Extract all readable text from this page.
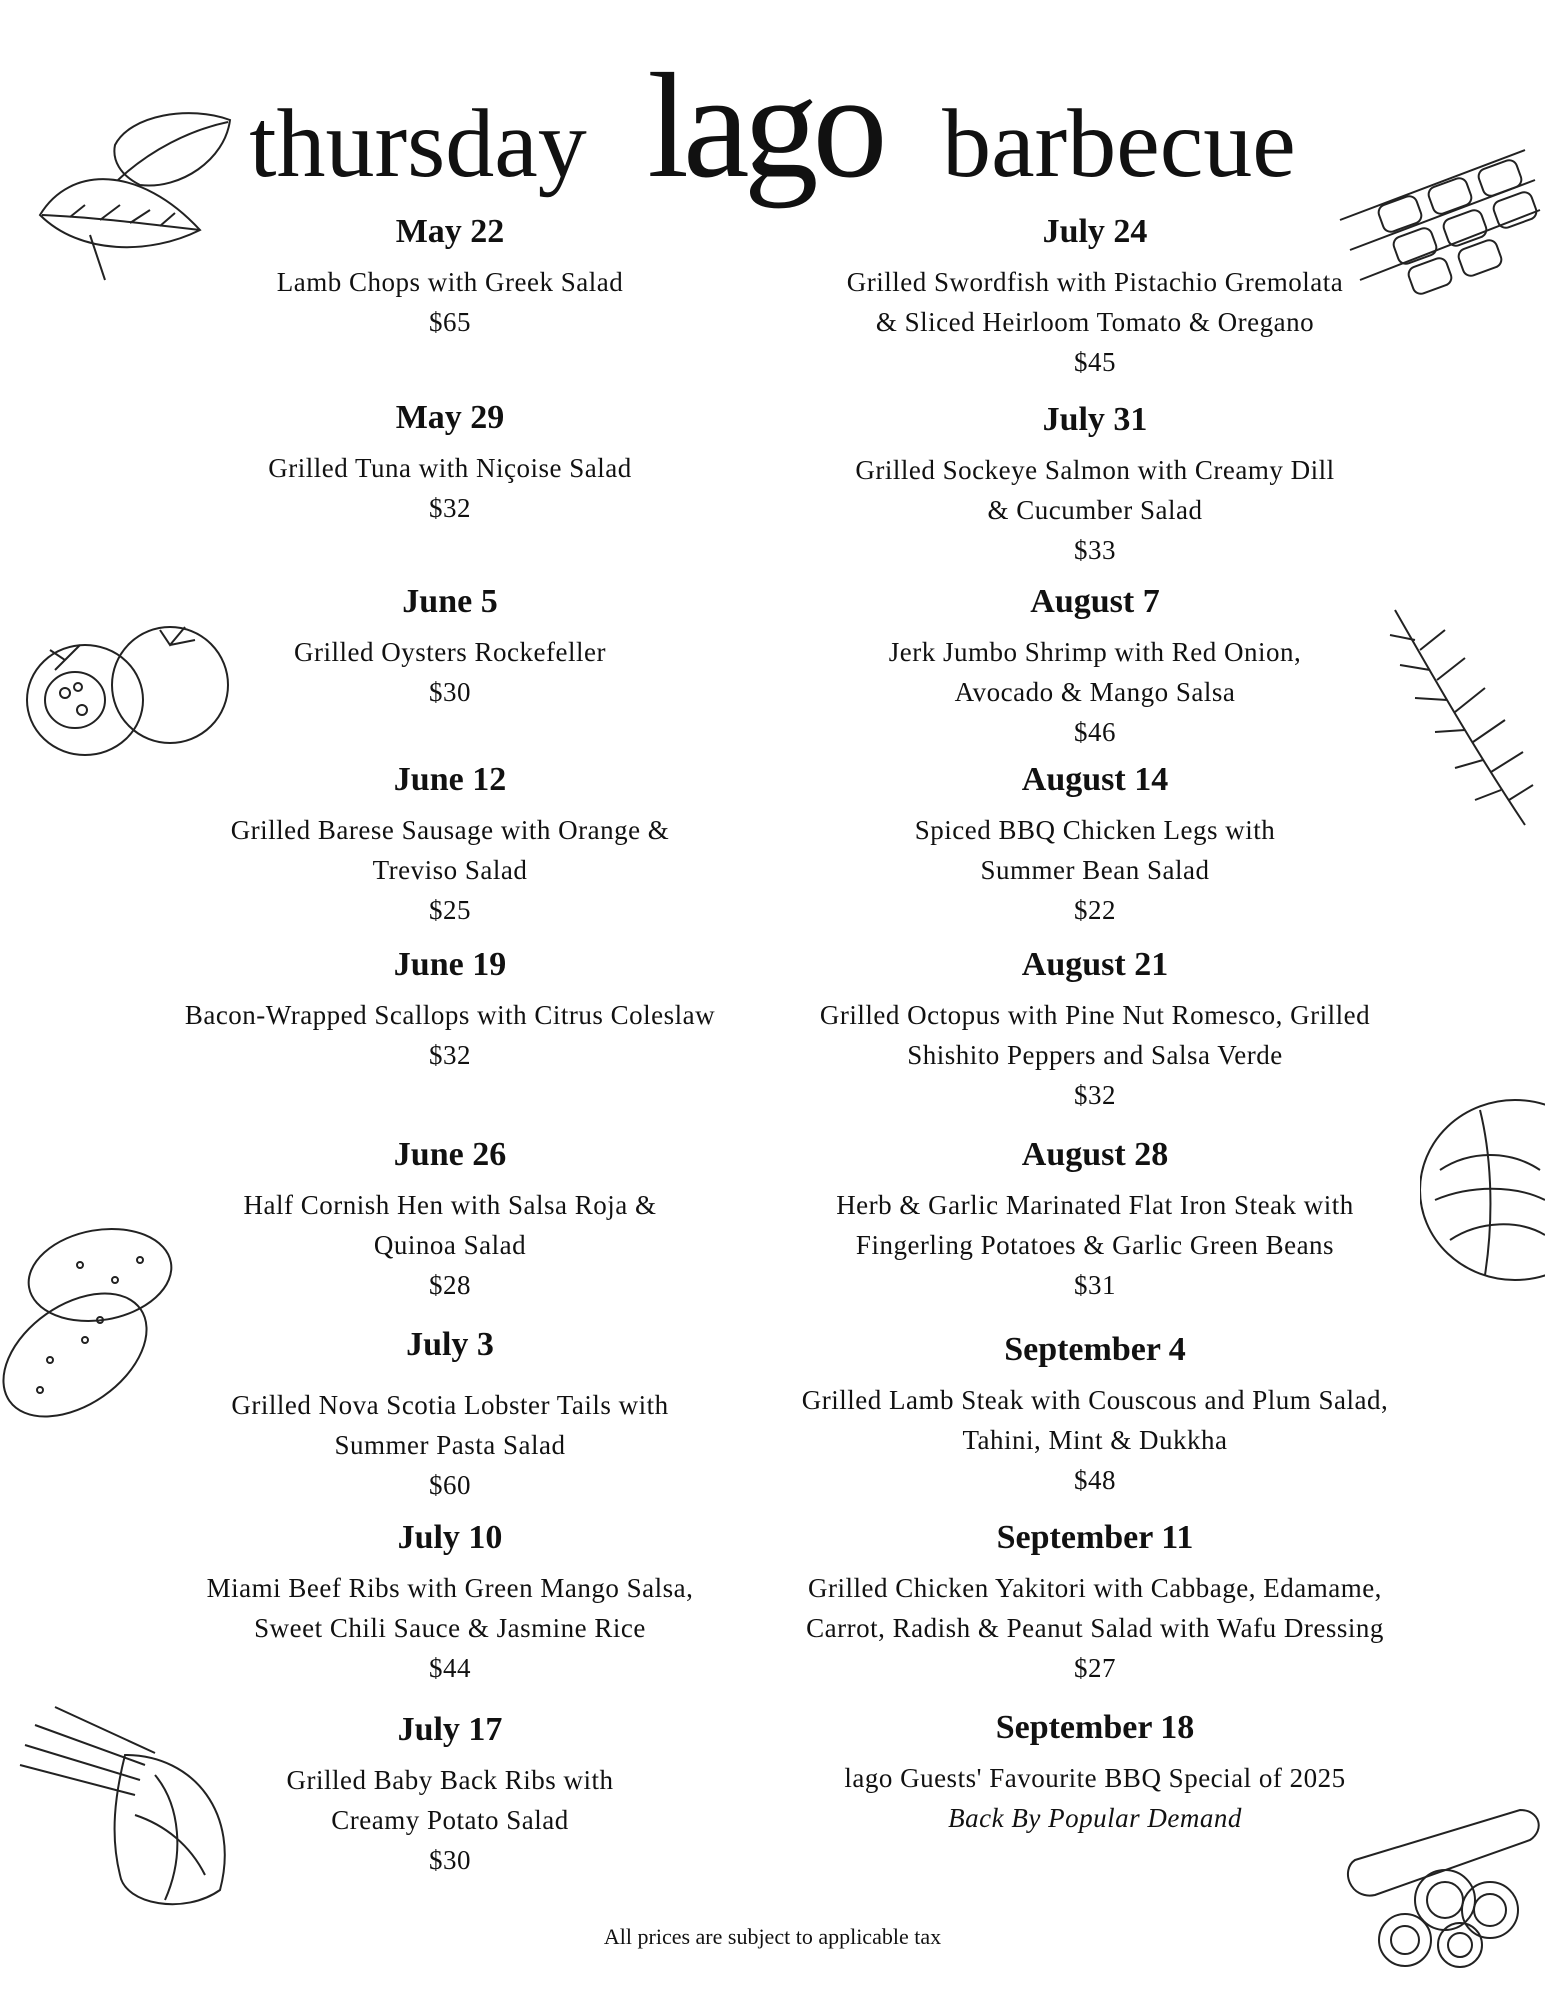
thursday lago barbecue
May 22
Lamb Chops with Greek Salad
$65
May 29
Grilled Tuna with Niçoise Salad
$32
June 5
Grilled Oysters Rockefeller
$30
June 12
Grilled Barese Sausage with Orange &
Treviso Salad
$25
June 19
Bacon-Wrapped Scallops with Citrus Coleslaw
$32
June 26
Half Cornish Hen with Salsa Roja &
Quinoa Salad
$28
July 3
Grilled Nova Scotia Lobster Tails with
Summer Pasta Salad
$60
July 10
Miami Beef Ribs with Green Mango Salsa,
Sweet Chili Sauce & Jasmine Rice
$44
July 17
Grilled Baby Back Ribs with
Creamy Potato Salad
$30
July 24
Grilled Swordfish with Pistachio Gremolata
& Sliced Heirloom Tomato & Oregano
$45
July 31
Grilled Sockeye Salmon with Creamy Dill
& Cucumber Salad
$33
August 7
Jerk Jumbo Shrimp with Red Onion,
Avocado & Mango Salsa
$46
August 14
Spiced BBQ Chicken Legs with
Summer Bean Salad
$22
August 21
Grilled Octopus with Pine Nut Romesco, Grilled
Shishito Peppers and Salsa Verde
$32
August 28
Herb & Garlic Marinated Flat Iron Steak with
Fingerling Potatoes & Garlic Green Beans
$31
September 4
Grilled Lamb Steak with Couscous and Plum Salad,
Tahini, Mint & Dukkha
$48
September 11
Grilled Chicken Yakitori with Cabbage, Edamame,
Carrot, Radish & Peanut Salad with Wafu Dressing
$27
September 18
lago Guests' Favourite BBQ Special of 2025
Back By Popular Demand
All prices are subject to applicable tax
